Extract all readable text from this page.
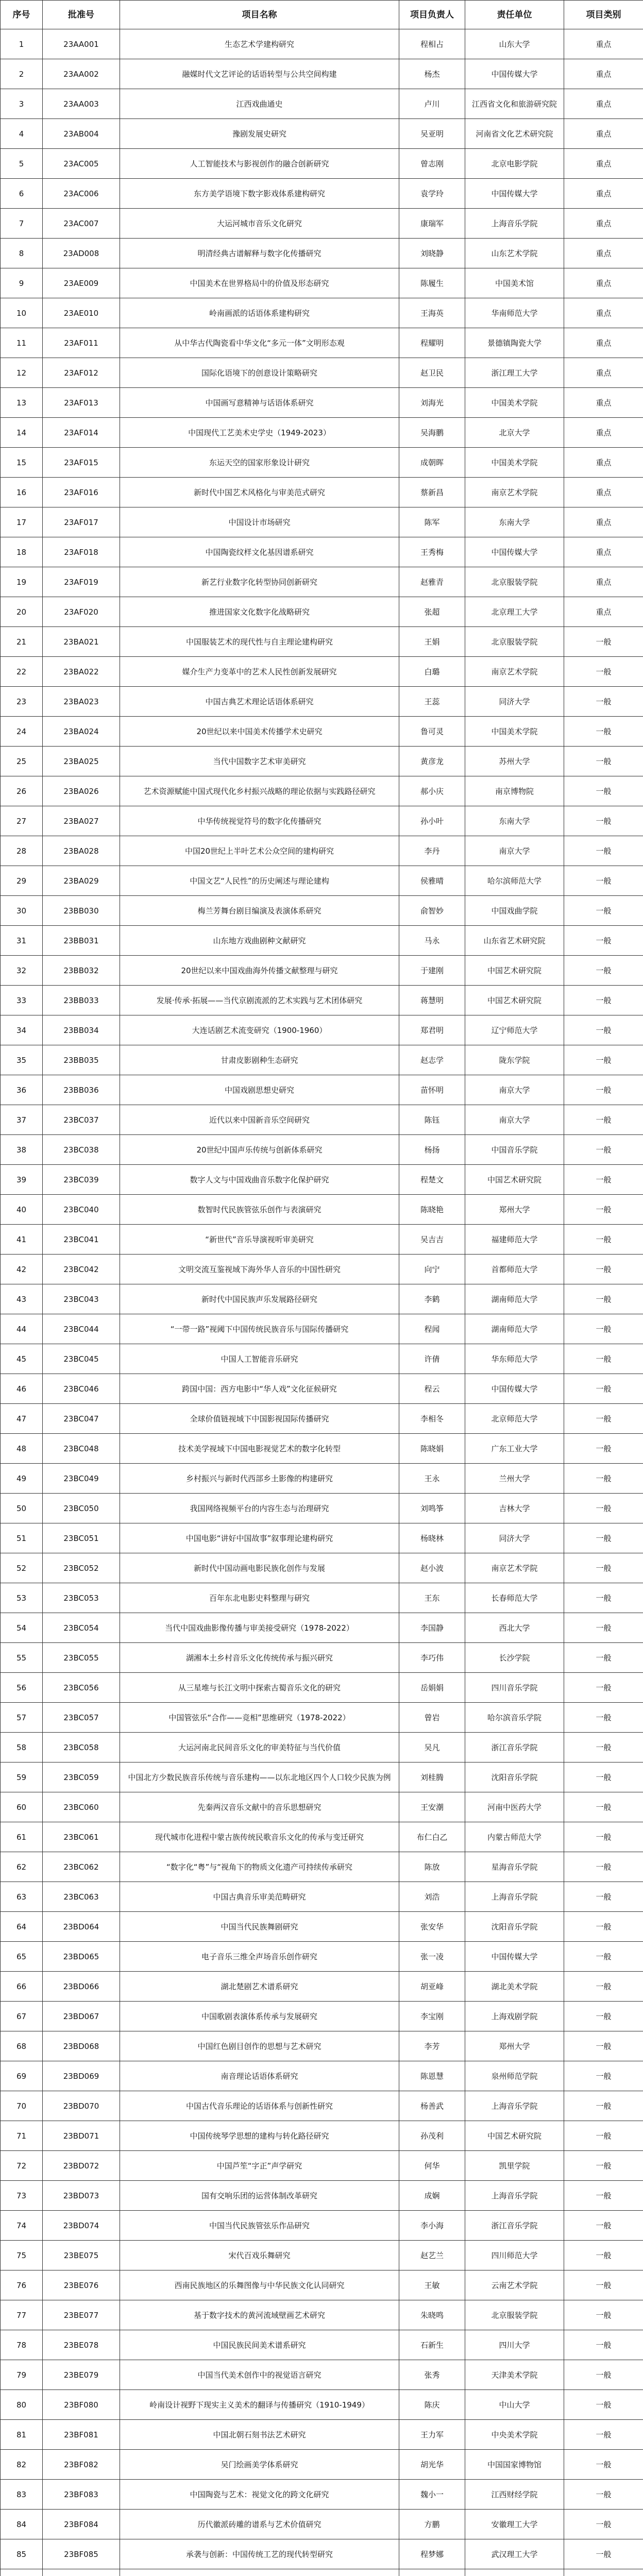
序号	批准号	项目名称	项目负责人	责任单位	项目类别
1	23AA001	生态艺术学建构研究	程相占	山东大学	重点
2	23AA002	融媒时代文艺评论的话语转型与公共空间构建	杨杰	中国传媒大学	重点
3	23AA003	江西戏曲通史	卢川	江西省文化和旅游研究院	重点
4	23AB004	豫剧发展史研究	吴亚明	河南省文化艺术研究院	重点
5	23AC005	人工智能技术与影视创作的融合创新研究	曾志刚	北京电影学院	重点
6	23AC006	东方美学语境下数字影戏体系建构研究	袁学玲	中国传媒大学	重点
7	23AC007	大运河城市音乐文化研究	康瑞军	上海音乐学院	重点
8	23AD008	明清经典古谱解释与数字化传播研究	刘晓静	山东艺术学院	重点
9	23AE009	中国美术在世界格局中的价值及形态研究	陈履生	中国美术馆	重点
10	23AE010	岭南画派的话语体系建构研究	王海英	华南师范大学	重点
11	23AF011	从中华古代陶瓷看中华文化“多元一体”文明形态观	程耀明	景德镇陶瓷大学	重点
12	23AF012	国际化语境下的创意设计策略研究	赵卫民	浙江理工大学	重点
13	23AF013	中国画写意精神与话语体系研究	刘海光	中国美术学院	重点
14	23AF014	中国现代工艺美术史学史（1949-2023）	吴海鹏	北京大学	重点
15	23AF015	东运天空的国家形象设计研究	成朝晖	中国美术学院	重点
16	23AF016	新时代中国艺术风格化与审美范式研究	蔡新昌	南京艺术学院	重点
17	23AF017	中国设计市场研究	陈军	东南大学	重点
18	23AF018	中国陶瓷纹样文化基因谱系研究	王秀梅	中国传媒大学	重点
19	23AF019	新艺行业数字化转型协同创新研究	赵雅青	北京服装学院	重点
20	23AF020	推进国家文化数字化战略研究	张超	北京理工大学	重点
21	23BA021	中国服装艺术的现代性与自主理论建构研究	王娟	北京服装学院	一般
22	23BA022	媒介生产力变革中的艺术人民性创新发展研究	白璐	南京艺术学院	一般
23	23BA023	中国古典艺术理论话语体系研究	王蕊	同济大学	一般
24	23BA024	20世纪以来中国美术传播学术史研究	鲁可灵	中国美术学院	一般
25	23BA025	当代中国数字艺术审美研究	黄彦龙	苏州大学	一般
26	23BA026	艺术资源赋能中国式现代化乡村振兴战略的理论依据与实践路径研究	郝小庆	南京博物院	一般
27	23BA027	中华传统视觉符号的数字化传播研究	孙小叶	东南大学	一般
28	23BA028	中国20世纪上半叶艺术公众空间的建构研究	李丹	南京大学	一般
29	23BA029	中国文艺“人民性”的历史阐述与理论建构	侯雅晴	哈尔滨师范大学	一般
30	23BB030	梅兰芳舞台剧目编演及表演体系研究	俞智妙	中国戏曲学院	一般
31	23BB031	山东地方戏曲剧种文献研究	马永	山东省艺术研究院	一般
32	23BB032	20世纪以来中国戏曲海外传播文献整理与研究	于建刚	中国艺术研究院	一般
33	23BB033	发展·传承·拓展——当代京剧流派的艺术实践与艺术团体研究	蒋慧明	中国艺术研究院	一般
34	23BB034	大连话剧艺术流变研究（1900-1960）	郑君明	辽宁师范大学	一般
35	23BB035	甘肃皮影剧种生态研究	赵志学	陇东学院	一般
36	23BB036	中国戏剧思想史研究	苗怀明	南京大学	一般
37	23BC037	近代以来中国新音乐空间研究	陈钰	南京大学	一般
38	23BC038	20世纪中国声乐传统与创新体系研究	杨扬	中国音乐学院	一般
39	23BC039	数字人文与中国戏曲音乐数字化保护研究	程楚文	中国艺术研究院	一般
40	23BC040	数智时代民族管弦乐创作与表演研究	陈晓艳	郑州大学	一般
41	23BC041	“新世代”音乐导演视听审美研究	吴吉吉	福建师范大学	一般
42	23BC042	文明交流互鉴视域下海外华人音乐的中国性研究	向宁	首都师范大学	一般
43	23BC043	新时代中国民族声乐发展路径研究	李鹤	湖南师范大学	一般
44	23BC044	“一带一路”视阈下中国传统民族音乐与国际传播研究	程闻	湖南师范大学	一般
45	23BC045	中国人工智能音乐研究	许倩	华东师范大学	一般
46	23BC046	跨国中国：西方电影中“华人戏”文化征候研究	程云	中国传媒大学	一般
47	23BC047	全球价值链视域下中国影视国际传播研究	李相冬	北京师范大学	一般
48	23BC048	技术美学视域下中国电影视觉艺术的数字化转型	陈晓娟	广东工业大学	一般
49	23BC049	乡村振兴与新时代西部乡土影像的构建研究	王永	兰州大学	一般
50	23BC050	我国网络视频平台的内容生态与治理研究	刘鸣筝	吉林大学	一般
51	23BC051	中国电影“讲好中国故事”叙事理论建构研究	杨晓林	同济大学	一般
52	23BC052	新时代中国动画电影民族化创作与发展	赵小波	南京艺术学院	一般
53	23BC053	百年东北电影史料整理与研究	王东	长春师范大学	一般
54	23BC054	当代中国戏曲影像传播与审美接受研究（1978-2022）	李国静	西北大学	一般
55	23BC055	湖湘本土乡村音乐文化传统传承与振兴研究	李巧伟	长沙学院	一般
56	23BC056	从三星堆与长江文明中探索古蜀音乐文化的研究	岳娟娟	四川音乐学院	一般
57	23BC057	中国管弦乐“合作——竞相”思维研究（1978-2022）	曾岩	哈尔滨音乐学院	一般
58	23BC058	大运河南北民间音乐文化的审美特征与当代价值	吴凡	浙江音乐学院	一般
59	23BC059	中国北方少数民族音乐传统与音乐建构——以东北地区四个人口较少民族为例	刘桂腾	沈阳音乐学院	一般
60	23BC060	先秦两汉音乐文献中的音乐思想研究	王安潮	河南中医药大学	一般
61	23BC061	现代城市化进程中蒙古族传统民歌音乐文化的传承与变迁研究	布仁白乙	内蒙古师范大学	一般
62	23BC062	“数字化“粤”与“视角下的物质文化遗产可持续传承研究	陈放	星海音乐学院	一般
63	23BC063	中国古典音乐审美范畴研究	刘浩	上海音乐学院	一般
64	23BD064	中国当代民族舞剧研究	张安华	沈阳音乐学院	一般
65	23BD065	电子音乐三维全声场音乐创作研究	张一凌	中国传媒大学	一般
66	23BD066	湖北楚剧艺术谱系研究	胡亚峰	湖北美术学院	一般
67	23BD067	中国歌剧表演体系传承与发展研究	李宝刚	上海戏剧学院	一般
68	23BD068	中国红色剧目创作的思想与艺术研究	李芳	郑州大学	一般
69	23BD069	南音理论话语体系研究	陈恩慧	泉州师范学院	一般
70	23BD070	中国古代音乐理论的话语体系与创新性研究	杨善武	上海音乐学院	一般
71	23BD071	中国传统琴学思想的建构与转化路径研究	孙茂利	中国艺术研究院	一般
72	23BD072	中国芦笙“字正”声学研究	何华	凯里学院	一般
73	23BD073	国有交响乐团的运营体制改革研究	成娴	上海音乐学院	一般
74	23BD074	中国当代民族管弦乐作品研究	李小海	浙江音乐学院	一般
75	23BE075	宋代百戏乐舞研究	赵艺兰	四川师范大学	一般
76	23BE076	西南民族地区的乐舞图像与中华民族文化认同研究	王敏	云南艺术学院	一般
77	23BE077	基于数字技术的黄河流域壁画艺术研究	朱晓鸣	北京服装学院	一般
78	23BE078	中国民族民间美术谱系研究	石新生	四川大学	一般
79	23BE079	中国当代美术创作中的视觉语言研究	张秀	天津美术学院	一般
80	23BF080	岭南设计视野下现实主义美术的翻译与传播研究（1910-1949）	陈庆	中山大学	一般
81	23BF081	中国北朝石刻书法艺术研究	王力军	中央美术学院	一般
82	23BF082	吴门绘画美学体系研究	胡光华	中国国家博物馆	一般
83	23BF083	中国陶瓷与艺术：视觉文化的跨文化研究	魏小一	江西财经学院	一般
84	23BF084	历代徽派砖雕的谱系与艺术价值研究	方鹏	安徽理工大学	一般
85	23BF085	承袭与创新：中国传统工艺的现代转型研究	程梦娜	武汉理工大学	一般
